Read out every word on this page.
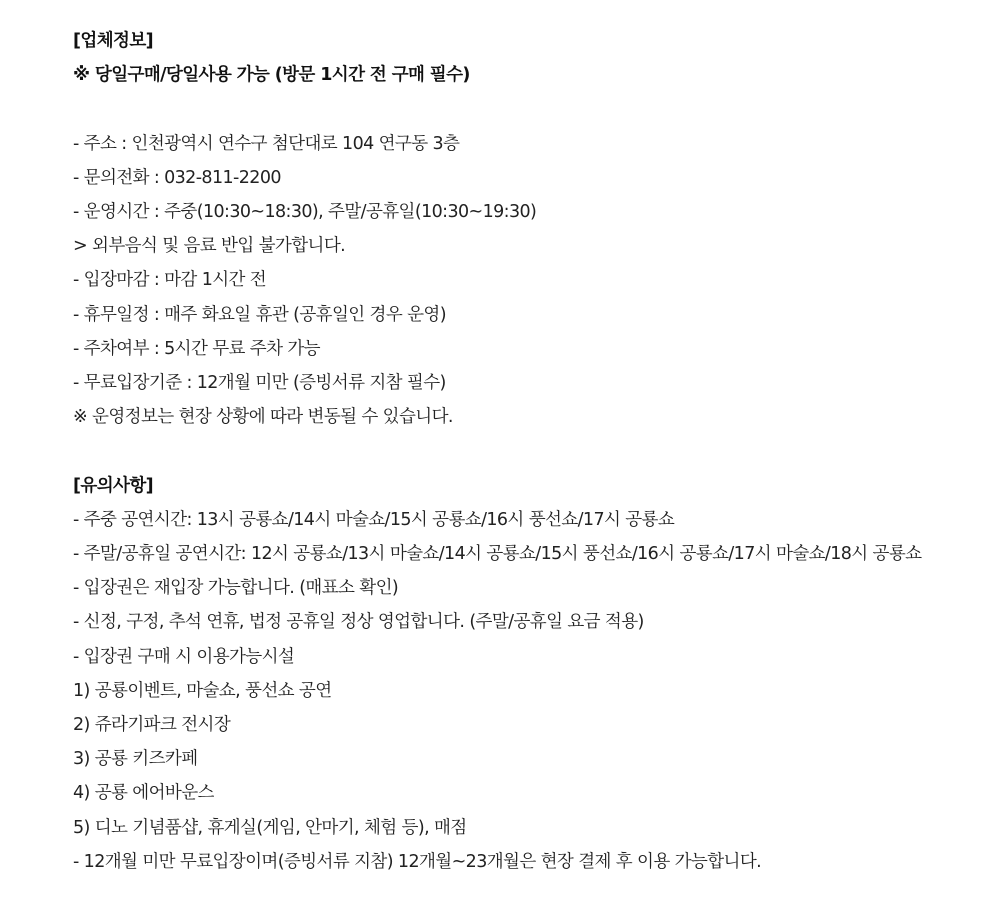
[업체정보]
※ 당일구매/당일사용 가능 (방문 1시간 전 구매 필수)
- 주소 : 인천광역시 연수구 첨단대로 104 연구동 3층
- 문의전화 : 032-811-2200
- 운영시간 : 주중(10:30~18:30), 주말/공휴일(10:30~19:30)
> 외부음식 및 음료 반입 불가합니다.
- 입장마감 : 마감 1시간 전
- 휴무일정 : 매주 화요일 휴관 (공휴일인 경우 운영)
- 주차여부 : 5시간 무료 주차 가능
- 무료입장기준 : 12개월 미만 (증빙서류 지참 필수)
※ 운영정보는 현장 상황에 따라 변동될 수 있습니다.
[유의사항]
- 주중 공연시간: 13시 공룡쇼/14시 마술쇼/15시 공룡쇼/16시 풍선쇼/17시 공룡쇼
- 주말/공휴일 공연시간: 12시 공룡쇼/13시 마술쇼/14시 공룡쇼/15시 풍선쇼/16시 공룡쇼/17시 마술쇼/18시 공룡쇼
- 입장권은 재입장 가능합니다. (매표소 확인)
- 신정, 구정, 추석 연휴, 법정 공휴일 정상 영업합니다. (주말/공휴일 요금 적용)
- 입장권 구매 시 이용가능시설
1) 공룡이벤트, 마술쇼, 풍선쇼 공연
2) 쥬라기파크 전시장
3) 공룡 키즈카페
4) 공룡 에어바운스
5) 디노 기념품샵, 휴게실(게임, 안마기, 체험 등), 매점
- 12개월 미만 무료입장이며(증빙서류 지참) 12개월~23개월은 현장 결제 후 이용 가능합니다.
